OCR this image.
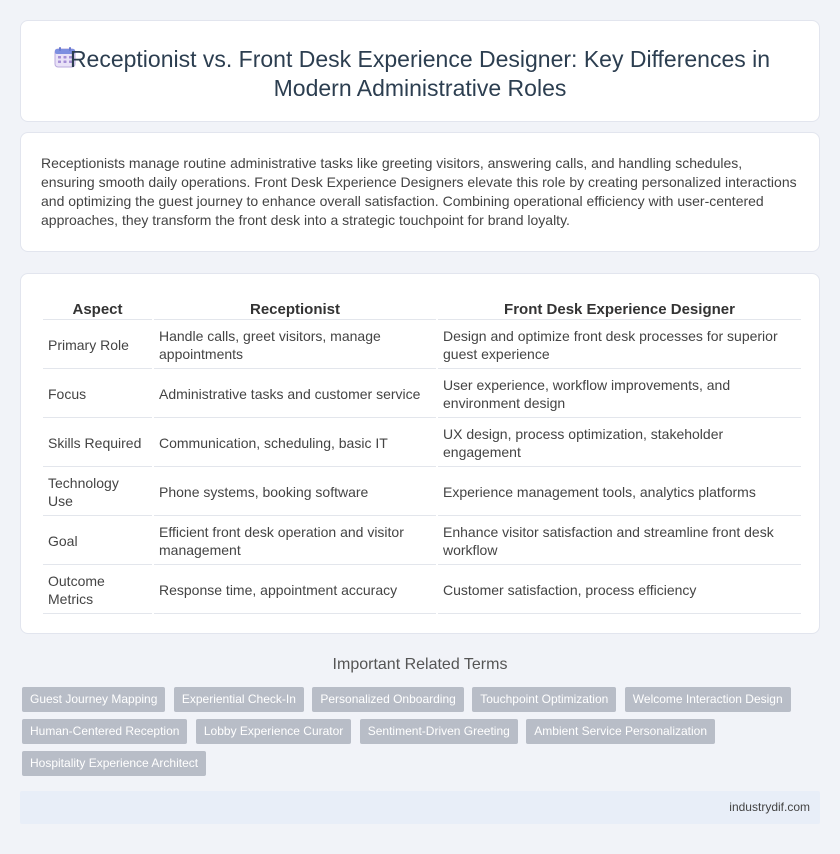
Receptionist vs. Front Desk Experience Designer: Key Differences in Modern Administrative Roles

Receptionists manage routine administrative tasks like greeting visitors, answering calls, and handling schedules, ensuring smooth daily operations. Front Desk Experience Designers elevate this role by creating personalized interactions and optimizing the guest journey to enhance overall satisfaction. Combining operational efficiency with user-centered approaches, they transform the front desk into a strategic touchpoint for brand loyalty.

Aspect	Receptionist	Front Desk Experience Designer
Primary Role	Handle calls, greet visitors, manage appointments	Design and optimize front desk processes for superior guest experience
Focus	Administrative tasks and customer service	User experience, workflow improvements, and environment design
Skills Required	Communication, scheduling, basic IT	UX design, process optimization, stakeholder engagement
Technology Use	Phone systems, booking software	Experience management tools, analytics platforms
Goal	Efficient front desk operation and visitor management	Enhance visitor satisfaction and streamline front desk workflow
Outcome Metrics	Response time, appointment accuracy	Customer satisfaction, process efficiency
Important Related Terms
Guest Journey Mapping Experiential Check-In Personalized Onboarding Touchpoint Optimization Welcome Interaction Design Human-Centered Reception Lobby Experience Curator Sentiment-Driven Greeting Ambient Service Personalization Hospitality Experience Architect
industrydif.com
